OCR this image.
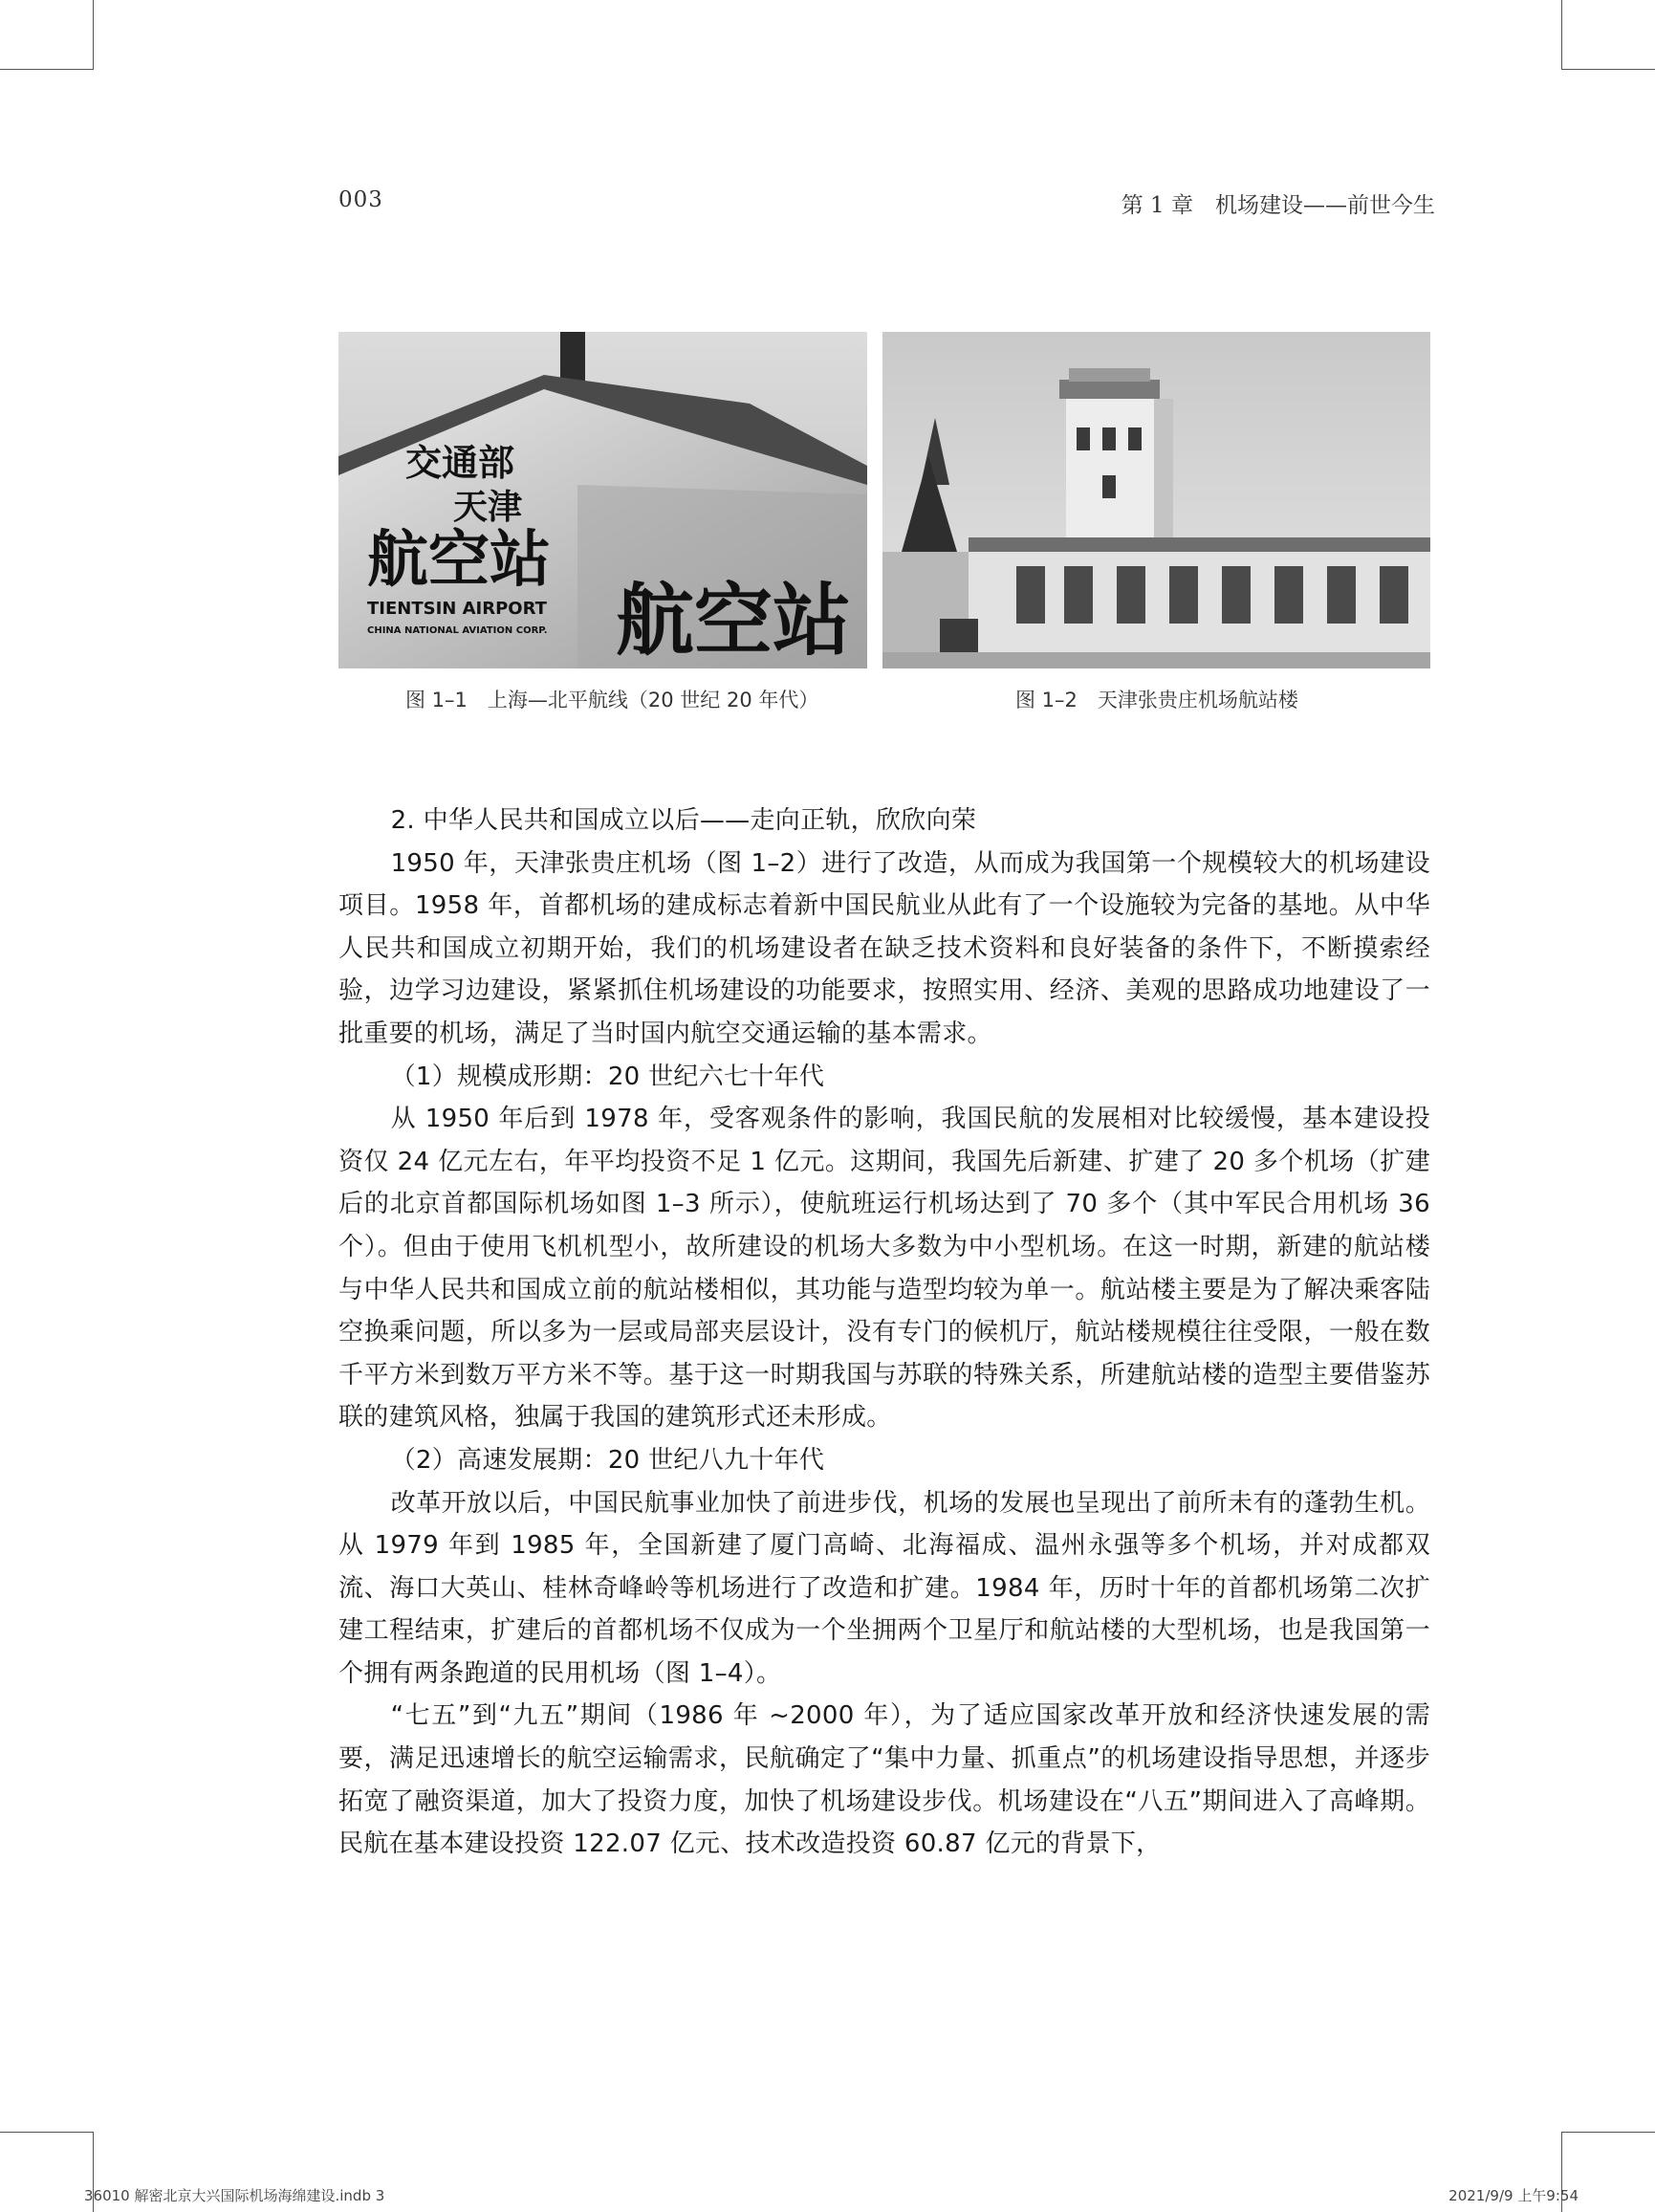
003	第 1 章　机场建设——前世今生
交通部
天津
航空站
TIENTSIN AIRPORT
CHINA NATIONAL AVIATION CORP. 航空站
图 1–1　上海—北平航线（20 世纪 20 年代）	图 1–2　天津张贵庄机场航站楼

2. 中华人民共和国成立以后——走向正轨，欣欣向荣

1950 年，天津张贵庄机场（图 1–2）进行了改造，从而成为我国第一个规模较大的机场建设项目。1958 年，首都机场的建成标志着新中国民航业从此有了一个设施较为完备的基地。从中华人民共和国成立初期开始，我们的机场建设者在缺乏技术资料和良好装备的条件下，不断摸索经验，边学习边建设，紧紧抓住机场建设的功能要求，按照实用、经济、美观的思路成功地建设了一批重要的机场，满足了当时国内航空交通运输的基本需求。

（1）规模成形期：20 世纪六七十年代

从 1950 年后到 1978 年，受客观条件的影响，我国民航的发展相对比较缓慢，基本建设投资仅 24 亿元左右，年平均投资不足 1 亿元。这期间，我国先后新建、扩建了 20 多个机场（扩建后的北京首都国际机场如图 1–3 所示），使航班运行机场达到了 70 多个（其中军民合用机场 36 个）。但由于使用飞机机型小，故所建设的机场大多数为中小型机场。在这一时期，新建的航站楼与中华人民共和国成立前的航站楼相似，其功能与造型均较为单一。航站楼主要是为了解决乘客陆空换乘问题，所以多为一层或局部夹层设计，没有专门的候机厅，航站楼规模往往受限，一般在数千平方米到数万平方米不等。基于这一时期我国与苏联的特殊关系，所建航站楼的造型主要借鉴苏联的建筑风格，独属于我国的建筑形式还未形成。

（2）高速发展期：20 世纪八九十年代

改革开放以后，中国民航事业加快了前进步伐，机场的发展也呈现出了前所未有的蓬勃生机。从 1979 年到 1985 年，全国新建了厦门高崎、北海福成、温州永强等多个机场，并对成都双流、海口大英山、桂林奇峰岭等机场进行了改造和扩建。1984 年，历时十年的首都机场第二次扩建工程结束，扩建后的首都机场不仅成为一个坐拥两个卫星厅和航站楼的大型机场，也是我国第一个拥有两条跑道的民用机场（图 1–4）。

“七五”到“九五”期间（1986 年 ~2000 年），为了适应国家改革开放和经济快速发展的需要，满足迅速增长的航空运输需求，民航确定了“集中力量、抓重点”的机场建设指导思想，并逐步拓宽了融资渠道，加大了投资力度，加快了机场建设步伐。机场建设在“八五”期间进入了高峰期。民航在基本建设投资 122.07 亿元、技术改造投资 60.87 亿元的背景下，

36010 解密北京大兴国际机场海绵建设.indb 3	2021/9/9 上午9:54
